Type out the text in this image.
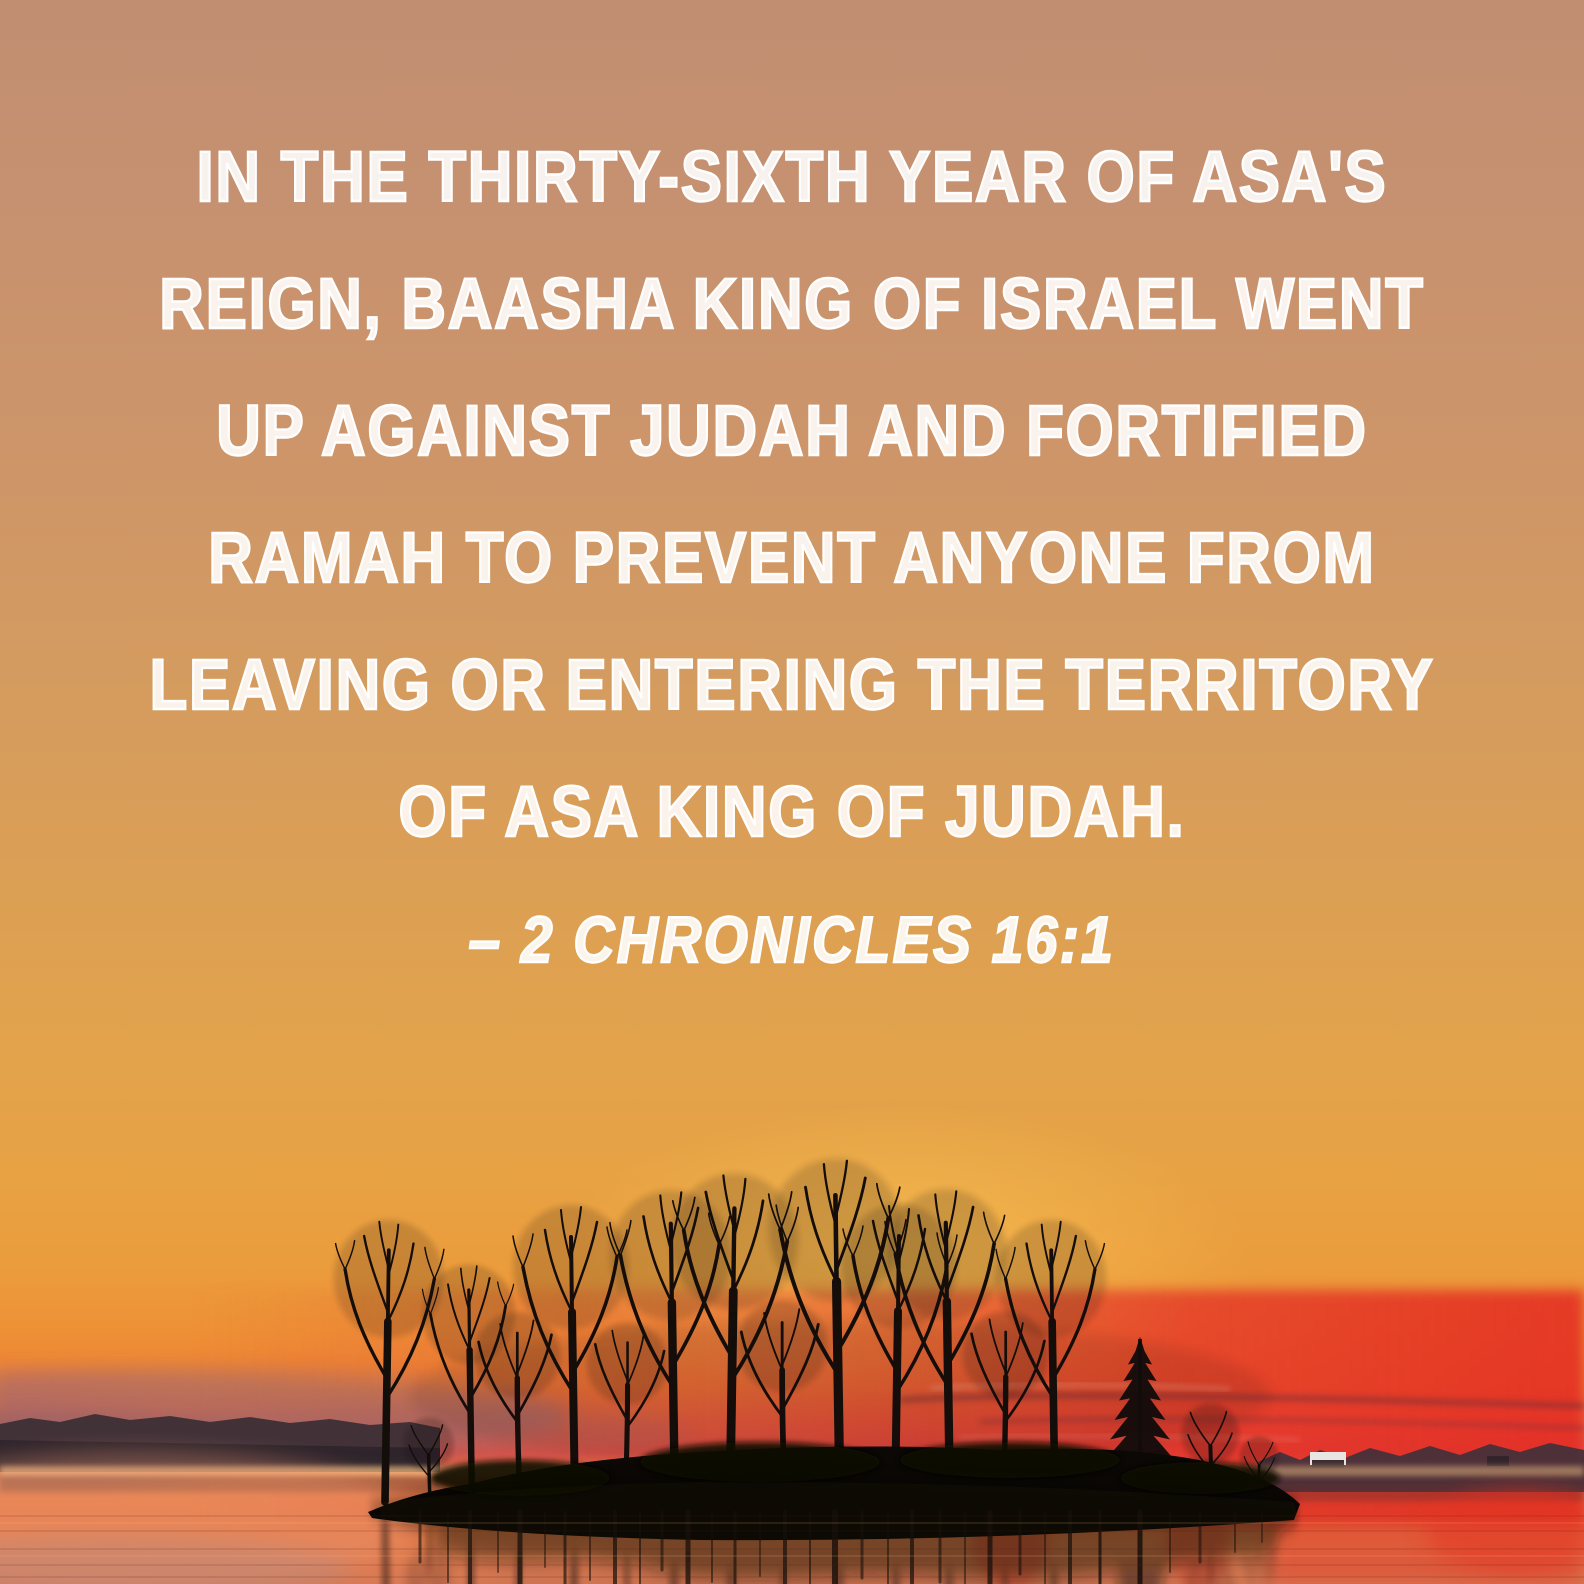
IN THE THIRTY-SIXTH YEAR OF ASA'S
REIGN, BAASHA KING OF ISRAEL WENT
UP AGAINST JUDAH AND FORTIFIED
RAMAH TO PREVENT ANYONE FROM
LEAVING OR ENTERING THE TERRITORY
OF ASA KING OF JUDAH.
– 2 CHRONICLES 16:1
